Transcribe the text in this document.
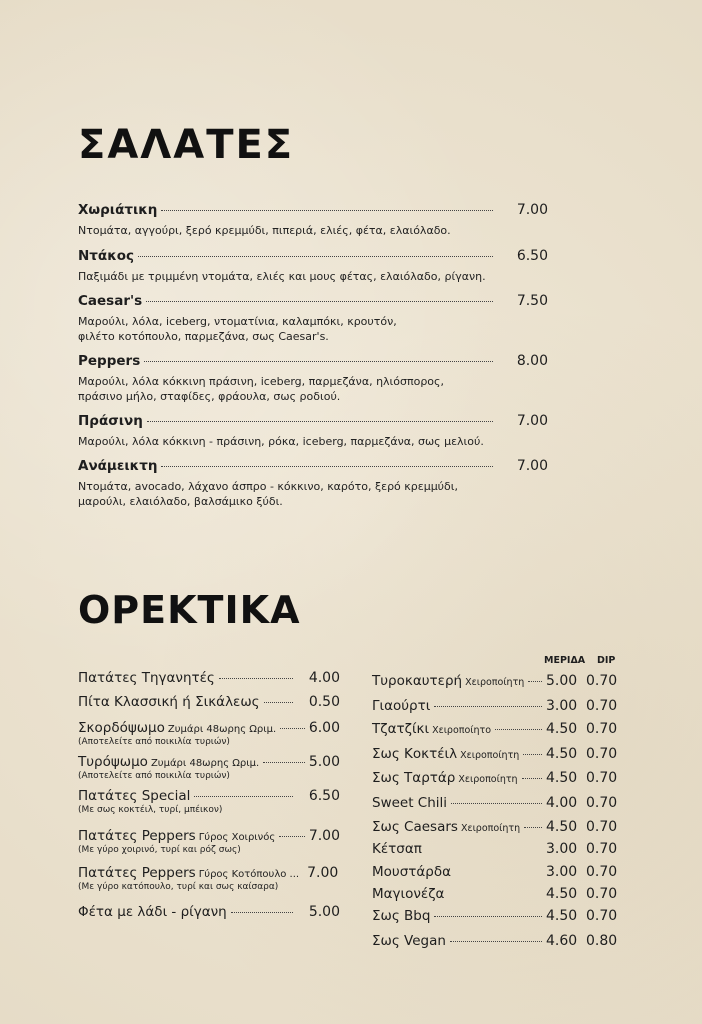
ΣΑΛΑΤΕΣ
Χωριάτικη	7.00
Ντομάτα, αγγούρι, ξερό κρεμμύδι, πιπεριά, ελιές, φέτα, ελαιόλαδο.
Ντάκος	6.50
Παξιμάδι με τριμμένη ντομάτα, ελιές και μους φέτας, ελαιόλαδο, ρίγανη.
Caesar's	7.50
Μαρούλι, λόλα, iceberg, ντοματίνια, καλαμπόκι, κρουτόν,
φιλέτο κοτόπουλο, παρμεζάνα, σως Caesar's.
Peppers	8.00
Μαρούλι, λόλα κόκκινη πράσινη, iceberg, παρμεζάνα, ηλιόσπορος,
πράσινο μήλο, σταφίδες, φράουλα, σως ροδιού.
Πράσινη	7.00
Μαρούλι, λόλα κόκκινη - πράσινη, ρόκα, iceberg, παρμεζάνα, σως μελιού.
Ανάμεικτη	7.00
Ντομάτα, avocado, λάχανο άσπρο - κόκκινο, καρότο, ξερό κρεμμύδι,
μαρούλι, ελαιόλαδο, βαλσάμικο ξύδι.
ΟΡΕΚΤΙΚΑ
Πατάτες Τηγανητές	4.00
Πίτα Κλασσική ή Σικάλεως	0.50
Σκορδόψωμο Ζυμάρι 48ωρης Ωριμ. 6.00
(Αποτελείτε από ποικιλία τυριών)
Τυρόψωμο Ζυμάρι 48ωρης Ωριμ.	5.00
(Αποτελείτε από ποικιλία τυριών)
Πατάτες Special	6.50
(Με σως κοκτέιλ, τυρί, μπέικον)
Πατάτες Peppers Γύρος Χοιρινός 7.00
(Με γύρο χοιρινό, τυρί και ρόζ σως)
Πατάτες Peppers Γύρος Κοτόπουλο ... 7.00
(Με γύρο κατόπουλο, τυρί και σως καίσαρα)
Φέτα με λάδι - ρίγανη	5.00
ΜΕΡΙΔΑ DIP
Τυροκαυτερή Χειροποίητη 5.00 0.70
Γιαούρτι	3.00 0.70
Τζατζίκι Χειροποίητο	4.50 0.70
Σως Κοκτέιλ Χειροποίητη 4.50 0.70
Σως Ταρτάρ Χειροποίητη 4.50 0.70
Sweet Chili	4.00 0.70
Σως Caesars Χειροποίητη 4.50 0.70
Κέτσαπ	3.00 0.70
Μουστάρδα	3.00 0.70
Μαγιονέζα	4.50 0.70
Σως Bbq	4.50 0.70
Σως Vegan	4.60 0.80
